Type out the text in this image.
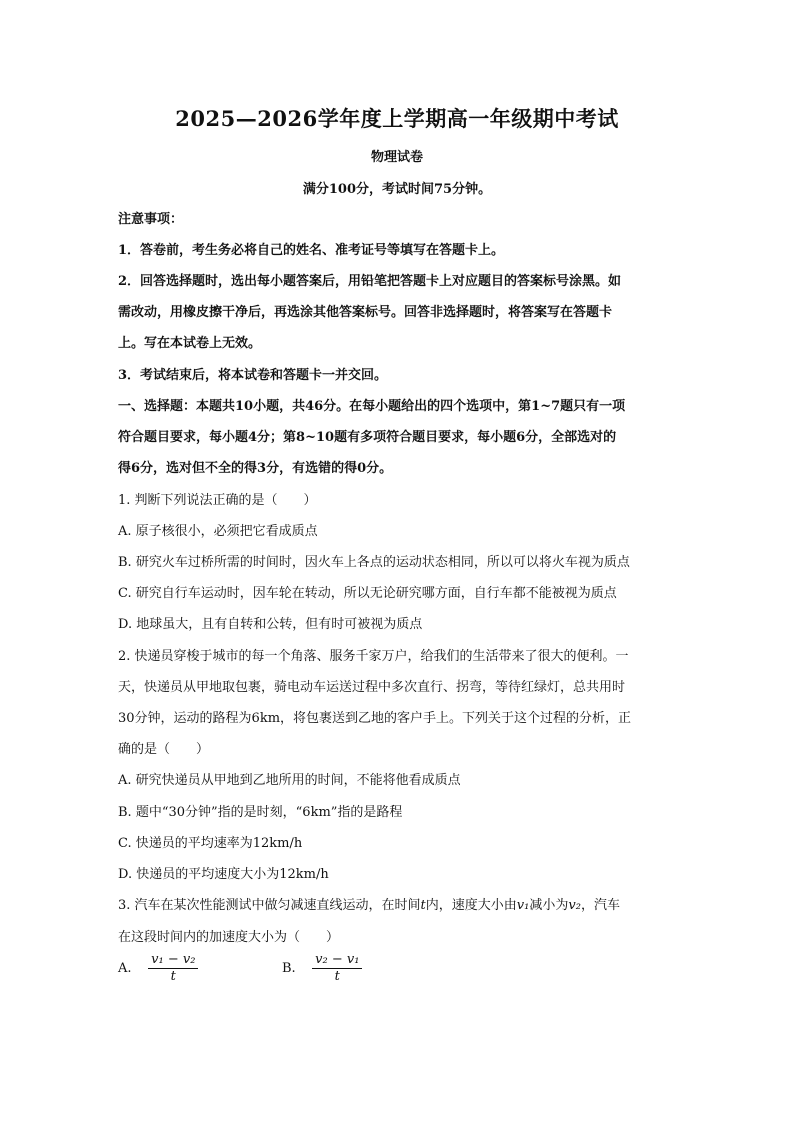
2025—2026学年度上学期高一年级期中考试
物理试卷
满分100分，考试时间75分钟。
注意事项：
1．答卷前，考生务必将自己的姓名、准考证号等填写在答题卡上。
2．回答选择题时，选出每小题答案后，用铅笔把答题卡上对应题目的答案标号涂黑。如
需改动，用橡皮擦干净后，再选涂其他答案标号。回答非选择题时，将答案写在答题卡
上。写在本试卷上无效。
3．考试结束后，将本试卷和答题卡一并交回。
一、选择题：本题共10小题，共46分。在每小题给出的四个选项中，第1~7题只有一项
符合题目要求，每小题4分；第8~10题有多项符合题目要求，每小题6分，全部选对的
得6分，选对但不全的得3分，有选错的得0分。
1. 判断下列说法正确的是（　　）
A. 原子核很小，必须把它看成质点
B. 研究火车过桥所需的时间时，因火车上各点的运动状态相同，所以可以将火车视为质点
C. 研究自行车运动时，因车轮在转动，所以无论研究哪方面，自行车都不能被视为质点
D. 地球虽大，且有自转和公转，但有时可被视为质点
2. 快递员穿梭于城市的每一个角落、服务千家万户，给我们的生活带来了很大的便利。一
天，快递员从甲地取包裹，骑电动车运送过程中多次直行、拐弯，等待红绿灯，总共用时
30分钟，运动的路程为6km，将包裹送到乙地的客户手上。下列关于这个过程的分析，正
确的是（　　）
A. 研究快递员从甲地到乙地所用的时间，不能将他看成质点
B. 题中“30分钟”指的是时刻，“6km”指的是路程
C. 快递员的平均速率为12km/h
D. 快递员的平均速度大小为12km/h
3. 汽车在某次性能测试中做匀减速直线运动，在时间t内，速度大小由v₁减小为v₂，汽车
在这段时间内的加速度大小为（　　）
A. $\frac{\text{v₁ − v₂}}{t}$	B. $\frac{\text{v₂ − v₁}}{t}$
